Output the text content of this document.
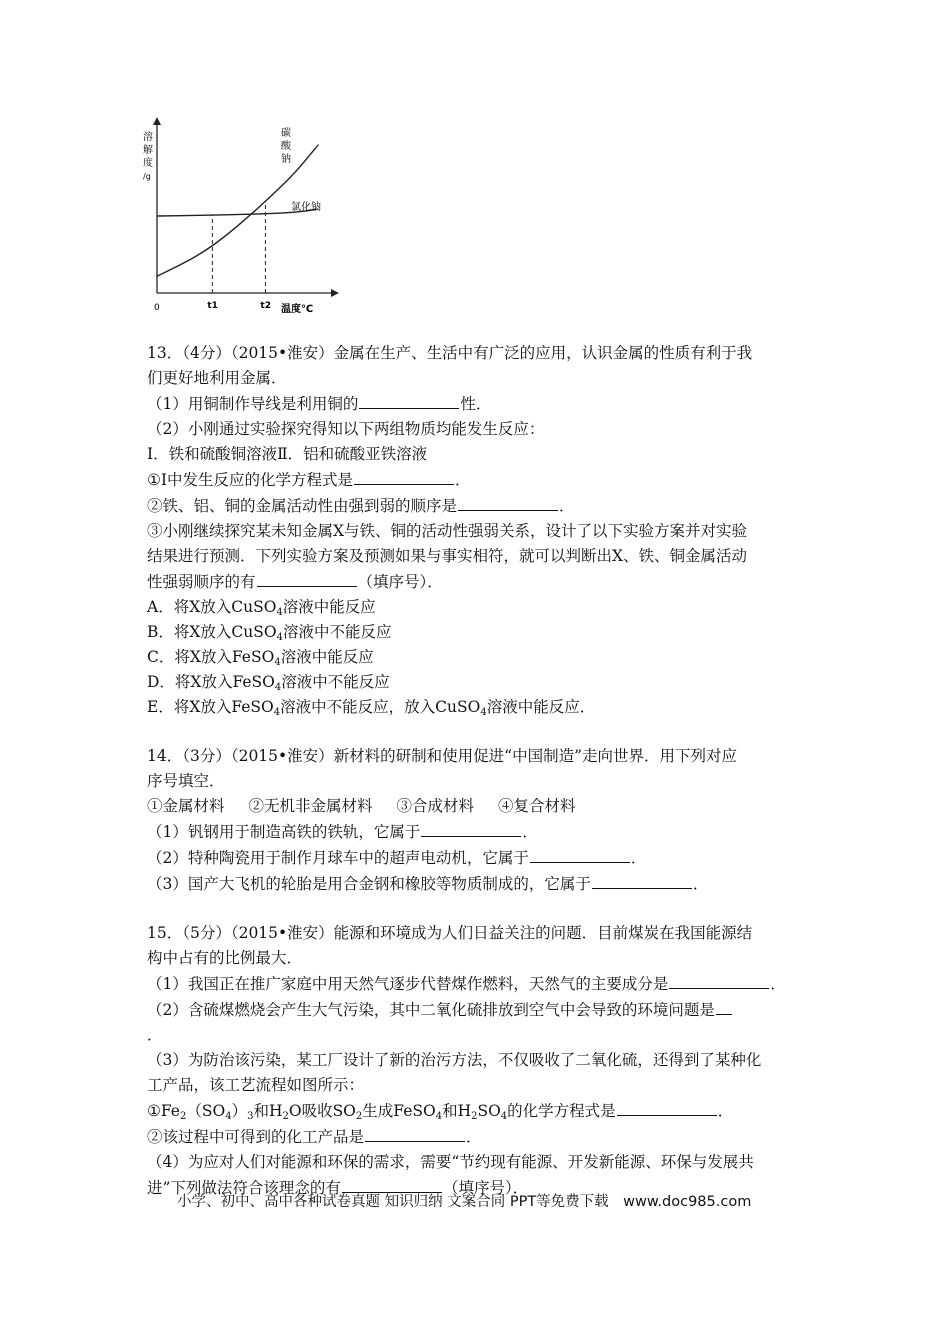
溶
解
度
/g
0	t1	t2 温度℃
碳
酸
钠
氯化钠
13．（4分）（2015•淮安）金属在生产、生活中有广泛的应用，认识金属的性质有利于我
们更好地利用金属．
（1）用铜制作导线是利用铜的	性．
（2）小刚通过实验探究得知以下两组物质均能发生反应：
Ⅰ．铁和硫酸铜溶液Ⅱ．铝和硫酸亚铁溶液
①Ⅰ中发生反应的化学方程式是	．
②铁、铝、铜的金属活动性由强到弱的顺序是	．
③小刚继续探究某未知金属X与铁、铜的活动性强弱关系，设计了以下实验方案并对实验
结果进行预测．下列实验方案及预测如果与事实相符，就可以判断出X、铁、铜金属活动
性强弱顺序的有	（填序号）．
A．将X放入CuSO$_4$溶液中能反应
B．将X放入CuSO$_4$溶液中不能反应
C．将X放入FeSO$_4$溶液中能反应
D．将X放入FeSO$_4$溶液中不能反应
E．将X放入FeSO$_4$溶液中不能反应，放入CuSO$_4$溶液中能反应．
14．（3分）（2015•淮安）新材料的研制和使用促进“中国制造”走向世界．用下列对应
序号填空．
①金属材料 ②无机非金属材料 ③合成材料 ④复合材料
（1）钒钢用于制造高铁的铁轨，它属于	．
（2）特种陶瓷用于制作月球车中的超声电动机，它属于	．
（3）国产大飞机的轮胎是用合金钢和橡胶等物质制成的，它属于	．
15．（5分）（2015•淮安）能源和环境成为人们日益关注的问题．目前煤炭在我国能源结
构中占有的比例最大．
（1）我国正在推广家庭中用天然气逐步代替煤作燃料，天然气的主要成分是	．
（2）含硫煤燃烧会产生大气污染，其中二氧化硫排放到空气中会导致的环境问题是
．
（3）为防治该污染，某工厂设计了新的治污方法，不仅吸收了二氧化硫，还得到了某种化
工产品，该工艺流程如图所示：
$①Fe_2(SO_4)_3$和$H_2O$吸收$SO_2$生成FeSO$_4$和$H_2SO_4$的化学方程式是	．
②该过程中可得到的化工产品是	．
（4）为应对人们对能源和环保的需求，需要“节约现有能源、开发新能源、环保与发展共
进”下列做法符合该理念的有	（填序号）．
小学、初中、高中各种试卷真题 知识归纳 文案合同 PPT等免费下载　www.doc985.com
